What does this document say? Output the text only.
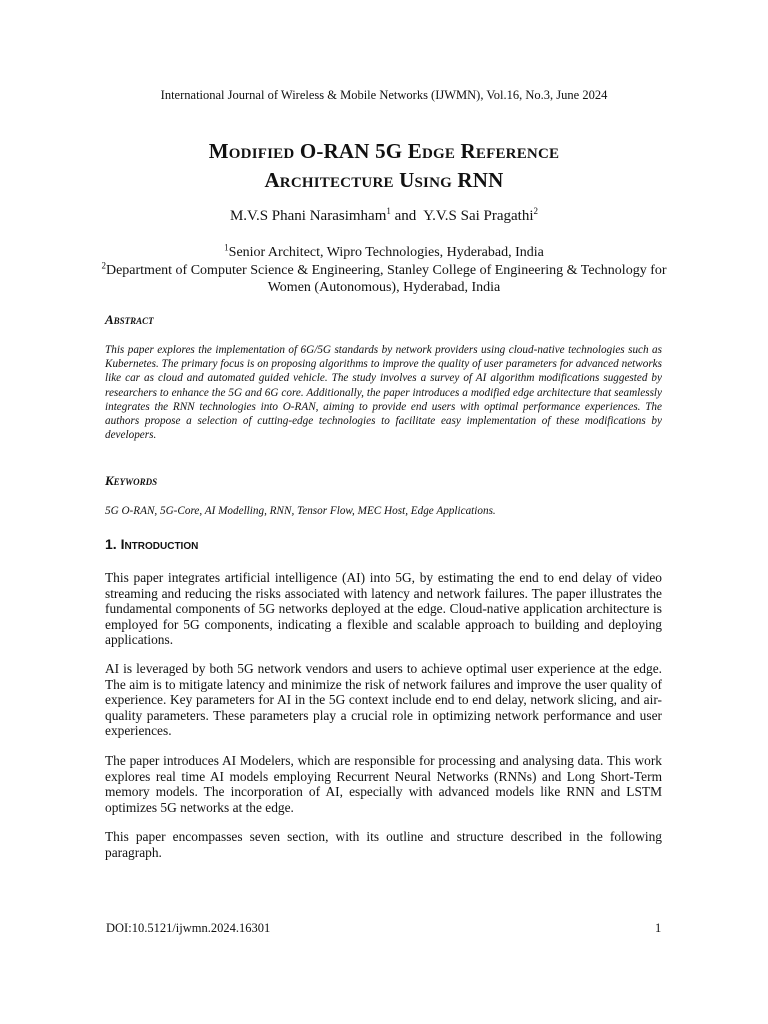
International Journal of Wireless & Mobile Networks (IJWMN), Vol.16, No.3, June 2024
Modified O-RAN 5G Edge Reference
Architecture Using RNN
M.V.S Phani Narasimham$^1$ and  Y.V.S Sai Pragathi$^2$
$^1$Senior Architect, Wipro Technologies, Hyderabad, India
$^2$Department of Computer Science & Engineering, Stanley College of Engineering & Technology for Women (Autonomous), Hyderabad, India
Abstract
This paper explores the implementation of 6G/5G standards by network providers using cloud-native technologies such as Kubernetes. The primary focus is on proposing algorithms to improve the quality of user parameters for advanced networks like car as cloud and automated guided vehicle. The study involves a survey of AI algorithm modifications suggested by researchers to enhance the 5G and 6G core. Additionally, the paper introduces a modified edge architecture that seamlessly integrates the RNN technologies into O-RAN, aiming to provide end users with optimal performance experiences. The authors propose a selection of cutting-edge technologies to facilitate easy implementation of these modifications by developers.
Keywords
5G O-RAN, 5G-Core, AI Modelling, RNN, Tensor Flow, MEC Host, Edge Applications.
1. Introduction
This paper integrates artificial intelligence (AI) into 5G, by estimating the end to end delay of video streaming and reducing the risks associated with latency and network failures. The paper illustrates the fundamental components of 5G networks deployed at the edge. Cloud-native application architecture is employed for 5G components, indicating a flexible and scalable approach to building and deploying applications.
AI is leveraged by both 5G network vendors and users to achieve optimal user experience at the edge. The aim is to mitigate latency and minimize the risk of network failures and improve the user quality of experience. Key parameters for AI in the 5G context include end to end delay, network slicing, and air-quality parameters. These parameters play a crucial role in optimizing network performance and user experiences.
The paper introduces AI Modelers, which are responsible for processing and analysing data. This work explores real time AI models employing Recurrent Neural Networks (RNNs) and Long Short-Term memory models. The incorporation of AI, especially with advanced models like RNN and LSTM optimizes 5G networks at the edge.
This paper encompasses seven section, with its outline and structure described in the following paragraph.
DOI:10.5121/ijwmn.2024.16301	1
